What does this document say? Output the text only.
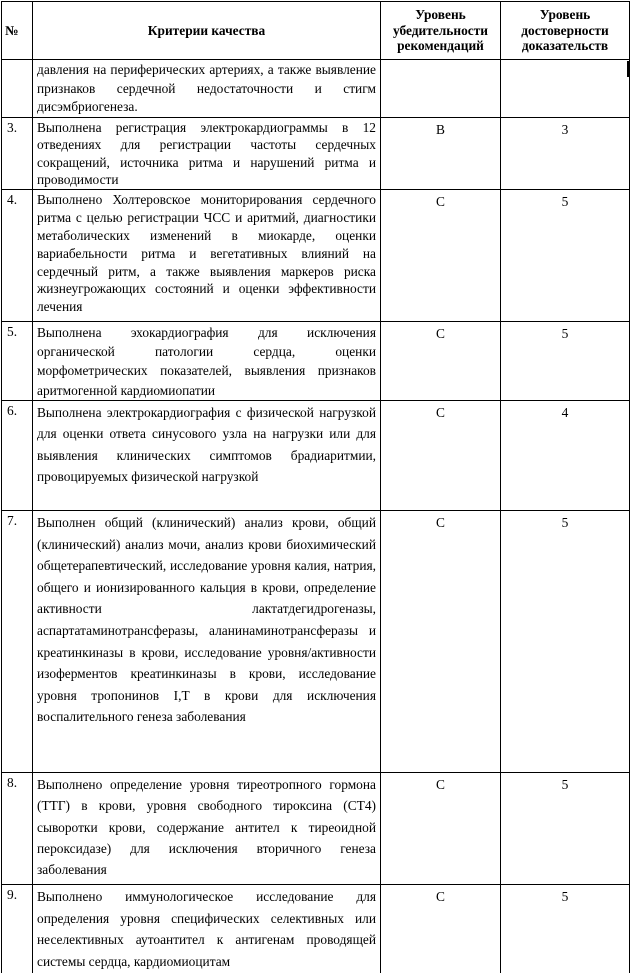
№	Критерии качества	Уровень убедительности рекомендаций	Уровень достоверности доказательств
	давления на периферических артериях, а также выявление признаков сердечной недостаточности и стигм дисэмбриогенеза.		
3.	Выполнена регистрация электрокардиограммы в 12 отведениях для регистрации частоты сердечных сокращений, источника ритма и нарушений ритма и проводимости	B	3
4.	Выполнено Холтеровское мониторирования сердечного ритма с целью регистрации ЧСС и аритмий, диагностики метаболических изменений в миокарде, оценки вариабельности ритма и вегетативных влияний на сердечный ритм, а также выявления маркеров риска жизнеугрожающих состояний и оценки эффективности лечения	C	5
5.	Выполнена эхокардиография для исключения органической патологии сердца, оценки морфометрических показателей, выявления признаков аритмогенной кардиомиопатии	C	5
6.	Выполнена электрокардиография с физической нагрузкой для оценки ответа синусового узла на нагрузки или для выявления клинических симптомов брадиаритмии, провоцируемых физической нагрузкой	C	4
7.	Выполнен общий (клинический) анализ крови, общий (клинический) анализ мочи, анализ крови биохимический общетерапевтический, исследование уровня калия, натрия, общего и ионизированного кальция в крови, определение активности лактатдегидрогеназы, аспартатаминотрансферазы, аланинаминотрансферазы и креатинкиназы в крови, исследование уровня/активности изоферментов креатинкиназы в крови, исследование уровня тропонинов I,T в крови для исключения воспалительного генеза заболевания	C	5
8.	Выполнено определение уровня тиреотропного гормона (ТТГ) в крови, уровня свободного тироксина (СТ4) сыворотки крови, содержание антител к тиреоидной пероксидазе) для исключения вторичного генеза заболевания	C	5
9.	Выполнено иммунологическое исследование для определения уровня специфических селективных или неселективных аутоантител к антигенам проводящей системы сердца, кардиомиоцитам	C	5
